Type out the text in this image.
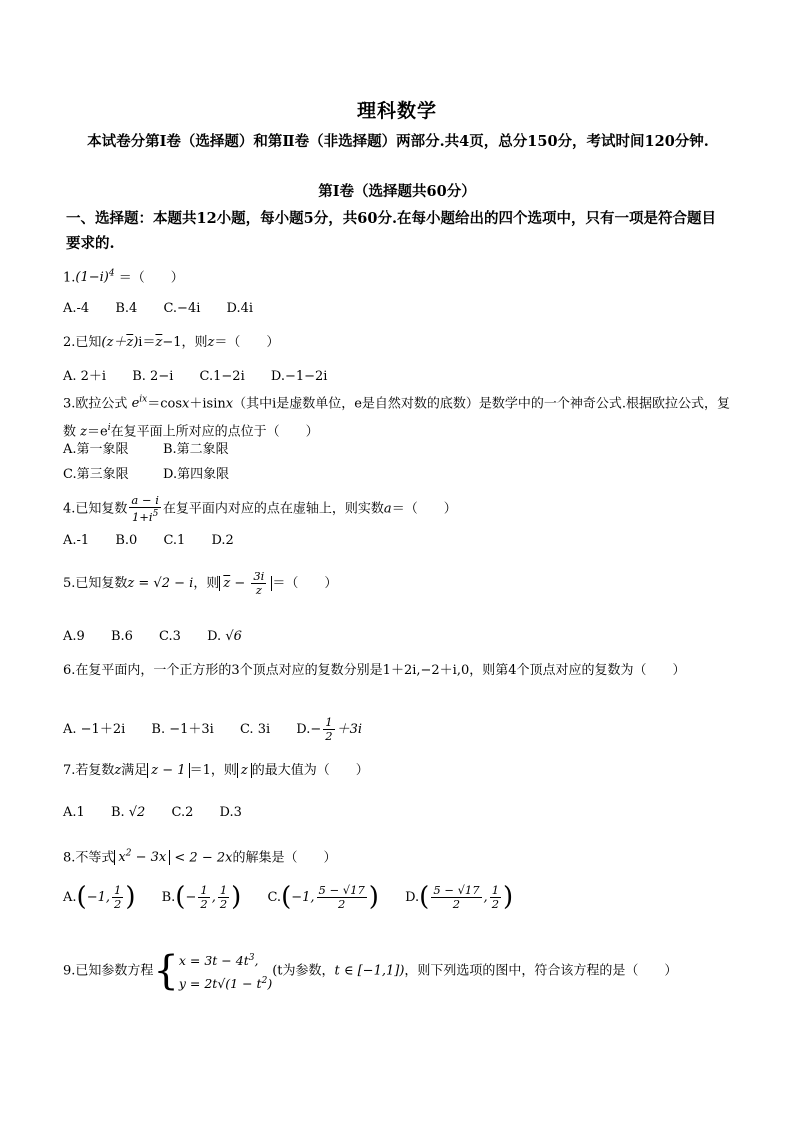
理科数学
本试卷分第Ⅰ卷（选择题）和第Ⅱ卷（非选择题）两部分.共4页，总分150分，考试时间120分钟.
第Ⅰ卷（选择题共60分）
一、选择题：本题共12小题，每小题5分，共60分.在每小题给出的四个选项中，只有一项是符合题目要求的.
$1.(1-i)^4$ ＝（　　）
A.-4 B.4 C.−4i D.4i
2.已知$(z+\overline{z})i=\overline{z}-1$，则z＝（　　）
A. 2＋i B. 2−i C.1−2i D.−1−2i
3.欧拉公式 $e^{ix}=\cos x+isinx$（其中i是虚数单位，e是自然对数的底数）是数学中的一个神奇公式.根据欧拉公式，复数 $z=e^i$在复平面上所对应的点位于（　　）
A.第一象限	B.第二象限
C.第三象限	D.第四象限
4.已知复数 $\frac{a - i}{1+i^5}$ 在复平面内对应的点在虚轴上，则实数a＝（　　）
A.-1 B.0 C.1 D.2
5.已知复数z = √2 − i，则 $\overline{z} - \frac{3i}{z}$ ＝（　　）
A.9 B.6 C.3 D. √6
6.在复平面内，一个正方形的3个顶点对应的复数分别是1＋2i,−2＋i,0，则第4个顶点对应的复数为（　　）
A. −1＋2i B. −1＋3i C. 3i $D.- \frac{1}{2} +3i$
7.若复数z满足 z − 1 ＝1，则 z 的最大值为（　　）
A.1 B. √2 C.2 D.3
8.不等式 $x^2 - 3x < 2 - 2x$的解集是（　　）
A.(−1, $\frac{1}{2}$ ) $B.(- \frac{1}{2}$ , $\frac{1}{2}$ ) C.(−1, $\frac{5 - √17}{2}$ ) $D.( \frac{5 - √17}{2}$ , $\frac{1}{2}$ )
9.已知参数方程{ $x = 3t - 4t^3$,
$y = 2t√(1 - t^2)$
(t为参数，t ∈ [−1,1])，则下列选项的图中，符合该方程的是（　　）
